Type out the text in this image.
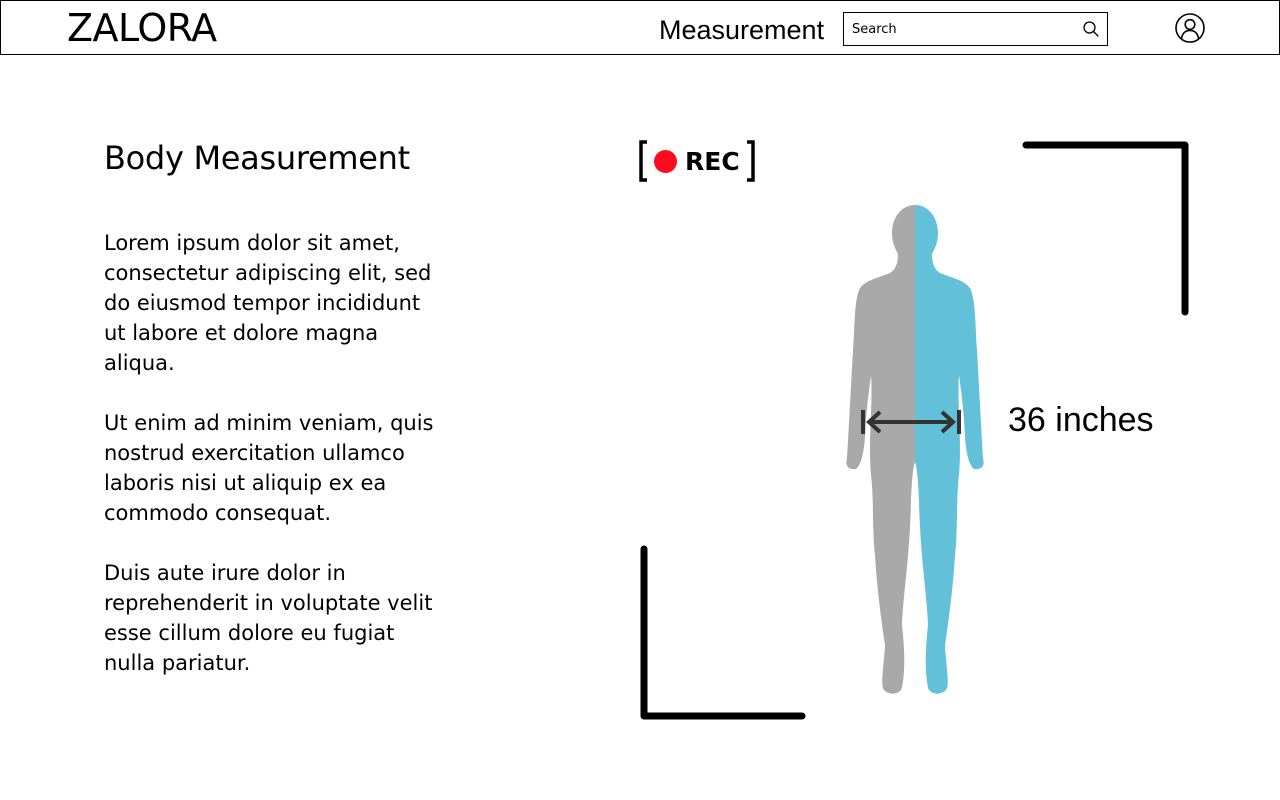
ZALORA	Measurement
Search
Body Measurement

Lorem ipsum dolor sit amet, consectetur adipiscing elit, sed do eiusmod tempor incididunt ut labore et dolore magna aliqua.

Ut enim ad minim veniam, quis nostrud exercitation ullamco laboris nisi ut aliquip ex ea commodo consequat.

Duis aute irure dolor in reprehenderit in voluptate velit esse cillum dolore eu fugiat nulla pariatur.

REC
36 inches
